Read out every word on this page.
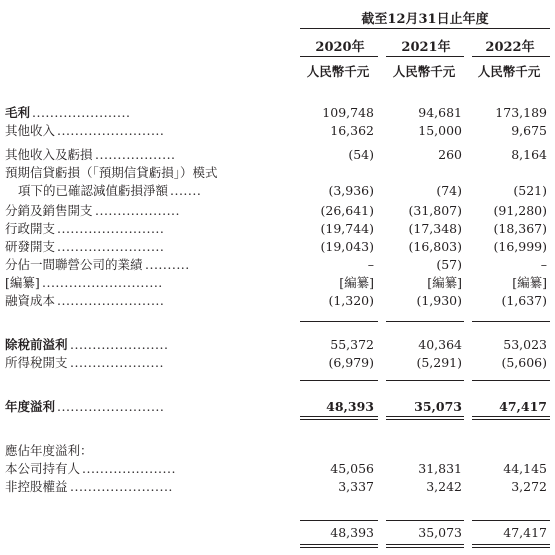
截至12月31日止年度
2020年	2021年	2022年
人民幣千元	人民幣千元	人民幣千元
毛利 ......................	109,748	94,681	173,189
其他收入 ........................	16,362	15,000	9,675
其他收入及虧損 ..................	(54)	260	8,164
預期信貸虧損（「預期信貸虧損」）模式
項下的已確認減值虧損淨額 .......	(3,936)	(74)	(521)
分銷及銷售開支 ...................	(26,641)	(31,807)	(91,280)
行政開支 ........................	(19,744)	(17,348)	(18,367)
研發開支 ........................	(19,043)	(16,803)	(16,999)
分佔一間聯營公司的業績 ..........	–	(57)	–
[編纂] ...........................	[編纂]	[編纂]	[編纂]
融資成本 ........................	(1,320)	(1,930)	(1,637)
除稅前溢利 ......................	55,372	40,364	53,023
所得稅開支 .....................	(6,979)	(5,291)	(5,606)
年度溢利 ........................	48,393	35,073	47,417
應佔年度溢利：
本公司持有人 .....................	45,056	31,831	44,145
非控股權益 .......................	3,337	3,242	3,272
48,393	35,073	47,417
